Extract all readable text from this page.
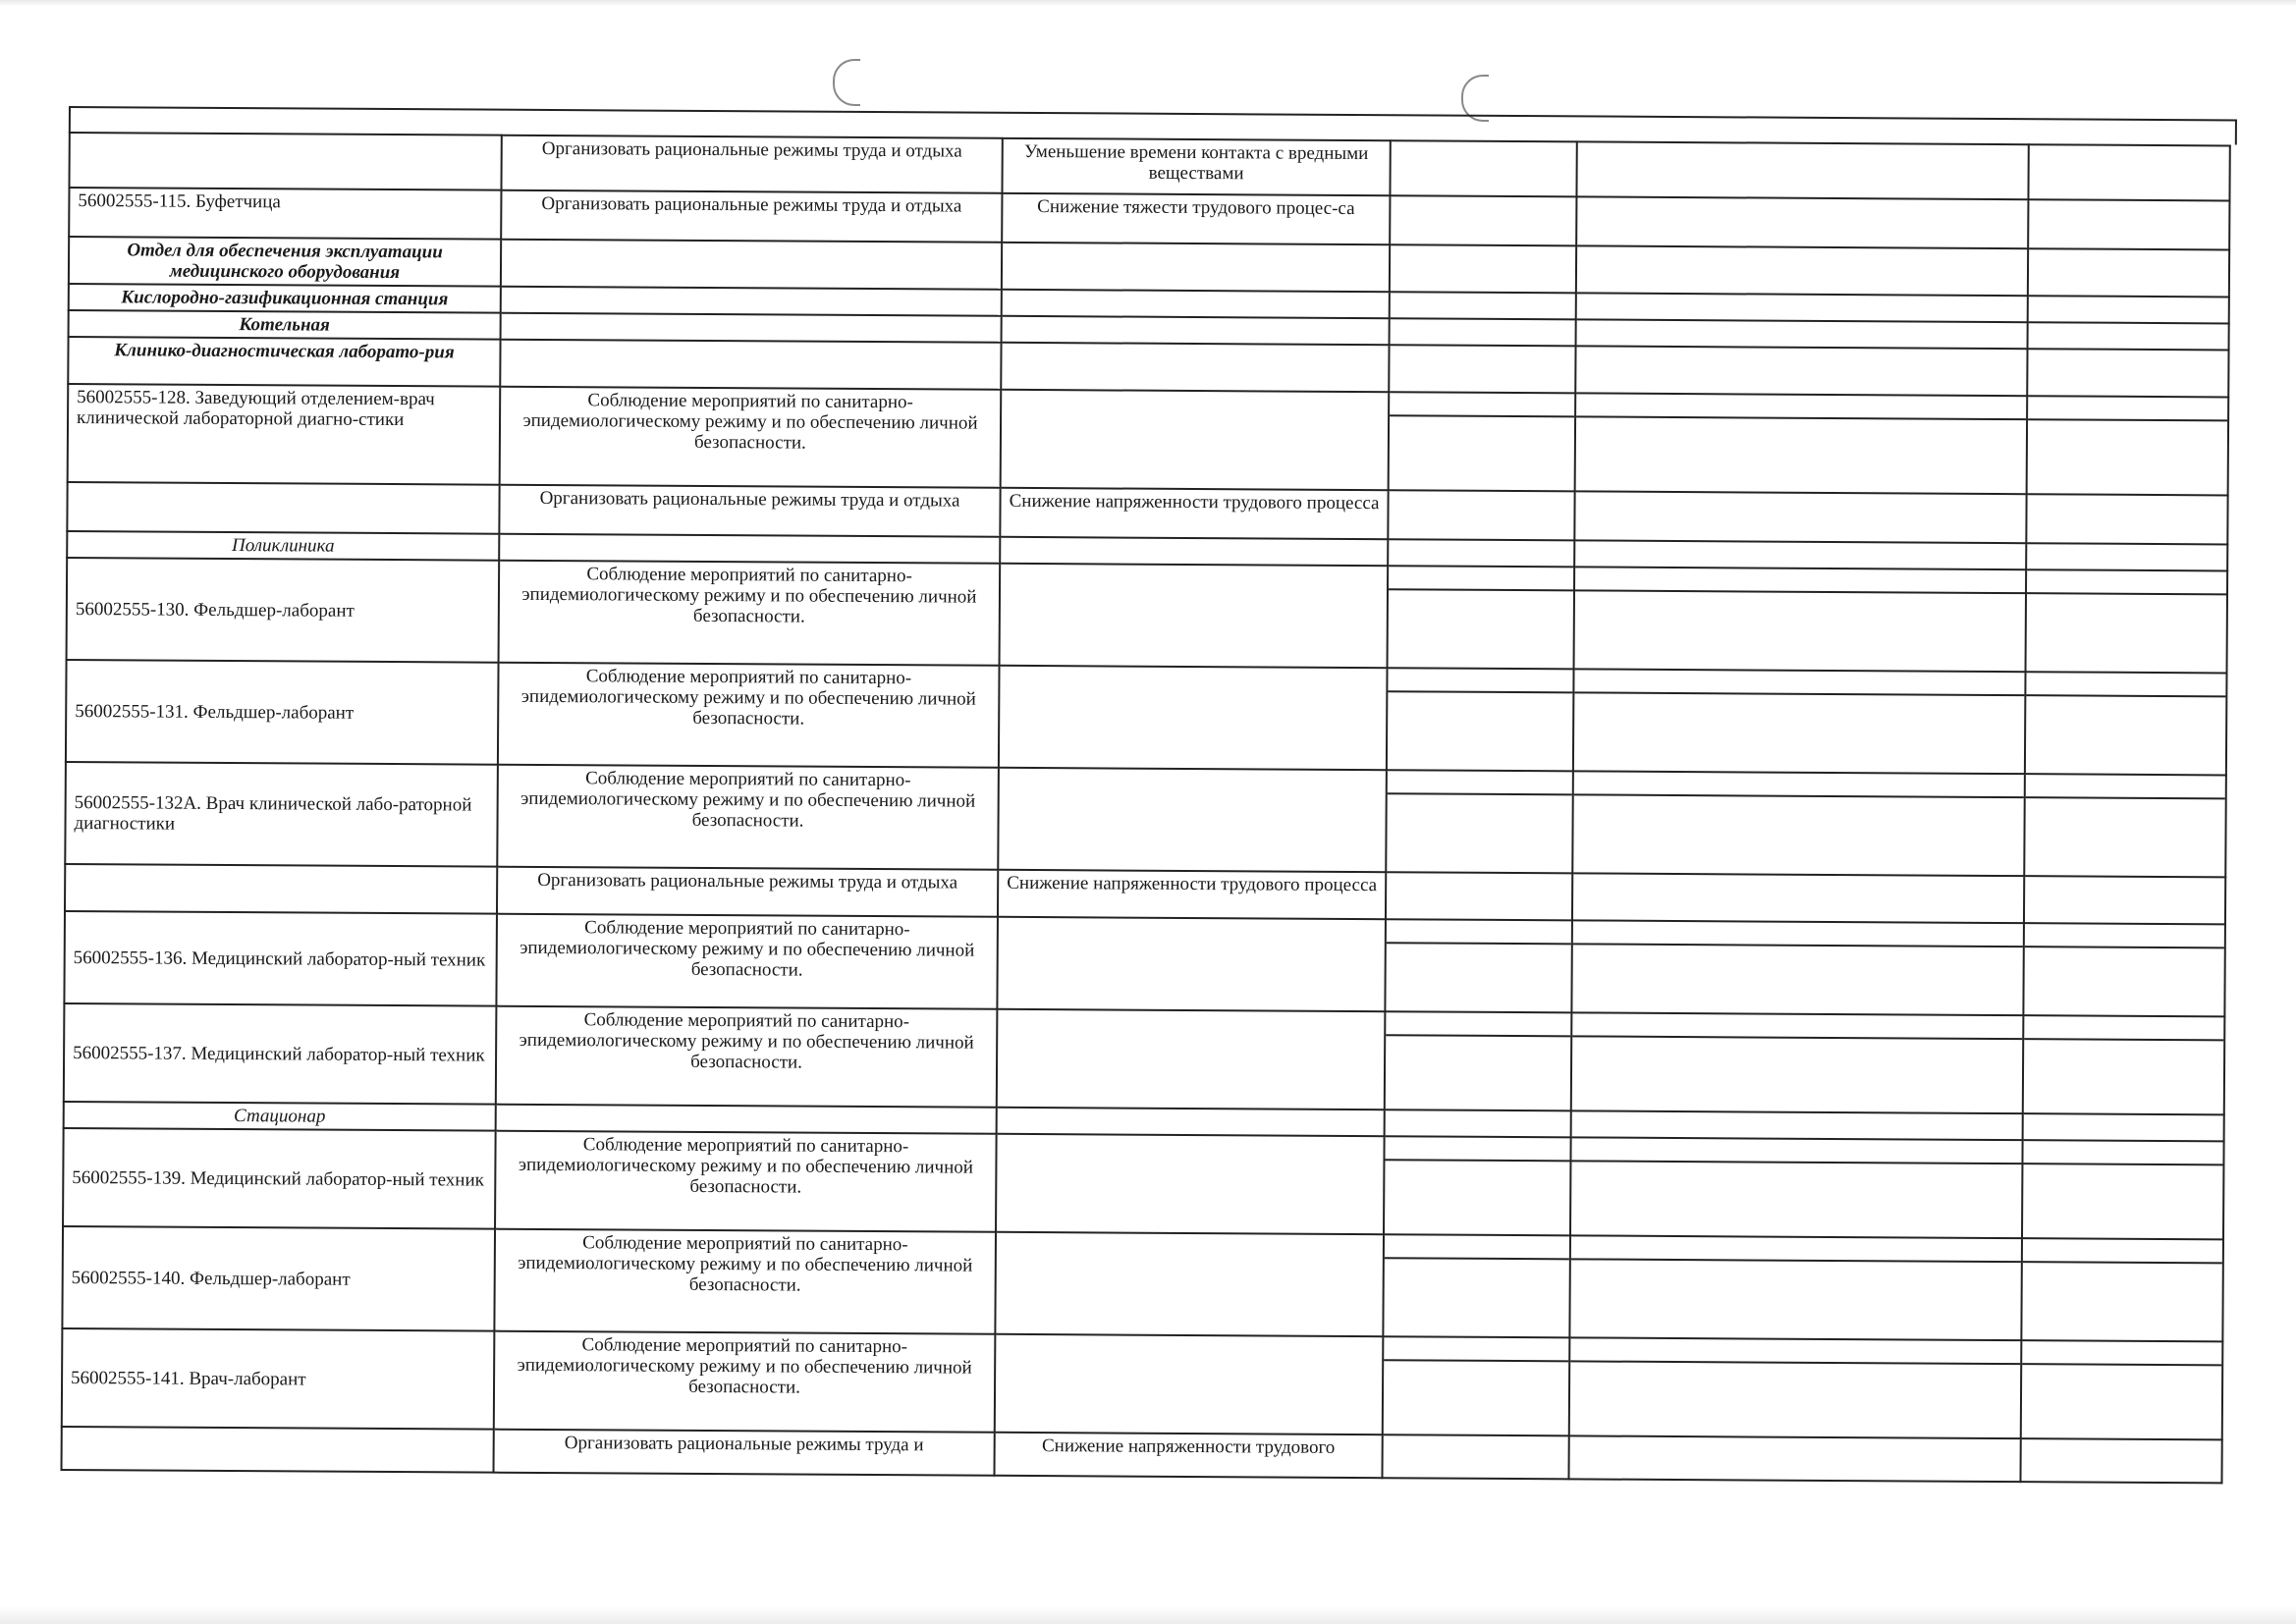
	Организовать рациональные режимы труда и отдыха	Уменьшение времени контакта с вредными веществами			
56002555-115. Буфетчица	Организовать рациональные режимы труда и отдыха	Снижение тяжести трудового процес-са			
Отдел для обеспечения эксплуатации медицинского оборудования					
Кислородно-газификационная станция					
Котельная					
Клинико-диагностическая лаборато-рия					
56002555-128. Заведующий отделением-врач клинической лабораторной диагно-стики	Соблюдение мероприятий по санитарно-эпидемиологическому режиму и по обеспечению личной безопасности.				
	Организовать рациональные режимы труда и отдыха	Снижение напряженности трудового процесса			
Поликлиника					
56002555-130. Фельдшер-лаборант	Соблюдение мероприятий по санитарно-эпидемиологическому режиму и по обеспечению личной безопасности.				
56002555-131. Фельдшер-лаборант	Соблюдение мероприятий по санитарно-эпидемиологическому режиму и по обеспечению личной безопасности.				
56002555-132А. Врач клинической лабо-раторной диагностики	Соблюдение мероприятий по санитарно-эпидемиологическому режиму и по обеспечению личной безопасности.				
	Организовать рациональные режимы труда и отдыха	Снижение напряженности трудового процесса			
56002555-136. Медицинский лаборатор-ный техник	Соблюдение мероприятий по санитарно-эпидемиологическому режиму и по обеспечению личной безопасности.				
56002555-137. Медицинский лаборатор-ный техник	Соблюдение мероприятий по санитарно-эпидемиологическому режиму и по обеспечению личной безопасности.				
Стационар					
56002555-139. Медицинский лаборатор-ный техник	Соблюдение мероприятий по санитарно-эпидемиологическому режиму и по обеспечению личной безопасности.				
56002555-140. Фельдшер-лаборант	Соблюдение мероприятий по санитарно-эпидемиологическому режиму и по обеспечению личной безопасности.				
56002555-141. Врач-лаборант	Соблюдение мероприятий по санитарно-эпидемиологическому режиму и по обеспечению личной безопасности.				
	Организовать рациональные режимы труда и	Снижение напряженности трудового			
